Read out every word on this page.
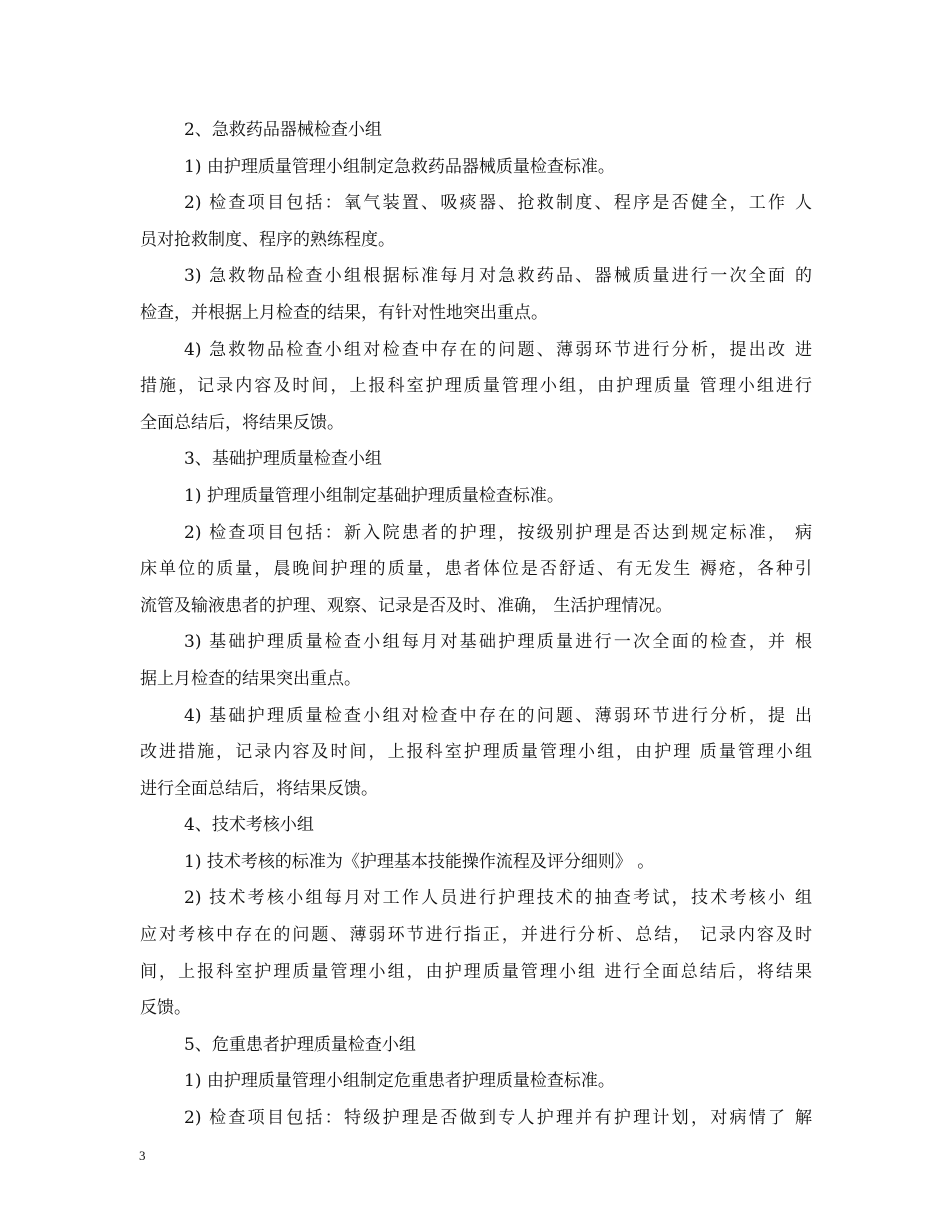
2、急救药品器械检查小组
1) 由护理质量管理小组制定急救药品器械质量检查标准。
2) 检查项目包括：氧气装置、吸痰器、抢救制度、程序是否健全，工作 人
员对抢救制度、程序的熟练程度。
3) 急救物品检查小组根据标准每月对急救药品、器械质量进行一次全面 的
检查，并根据上月检查的结果，有针对性地突出重点。
4) 急救物品检查小组对检查中存在的问题、薄弱环节进行分析，提出改 进
措施，记录内容及时间，上报科室护理质量管理小组，由护理质量 管理小组进行
全面总结后，将结果反馈。
3、基础护理质量检查小组
1) 护理质量管理小组制定基础护理质量检查标准。
2) 检查项目包括：新入院患者的护理，按级别护理是否达到规定标准， 病
床单位的质量，晨晚间护理的质量，患者体位是否舒适、有无发生 褥疮，各种引
流管及输液患者的护理、观察、记录是否及时、准确， 生活护理情况。
3) 基础护理质量检查小组每月对基础护理质量进行一次全面的检查，并 根
据上月检查的结果突出重点。
4) 基础护理质量检查小组对检查中存在的问题、薄弱环节进行分析，提 出
改进措施，记录内容及时间，上报科室护理质量管理小组，由护理 质量管理小组
进行全面总结后，将结果反馈。
4、技术考核小组
1) 技术考核的标准为《护理基本技能操作流程及评分细则》 。
2) 技术考核小组每月对工作人员进行护理技术的抽查考试，技术考核小 组
应对考核中存在的问题、薄弱环节进行指正，并进行分析、总结， 记录内容及时
间，上报科室护理质量管理小组，由护理质量管理小组 进行全面总结后，将结果
反馈。
5、危重患者护理质量检查小组
1) 由护理质量管理小组制定危重患者护理质量检查标准。
2) 检查项目包括：特级护理是否做到专人护理并有护理计划，对病情了 解
3
